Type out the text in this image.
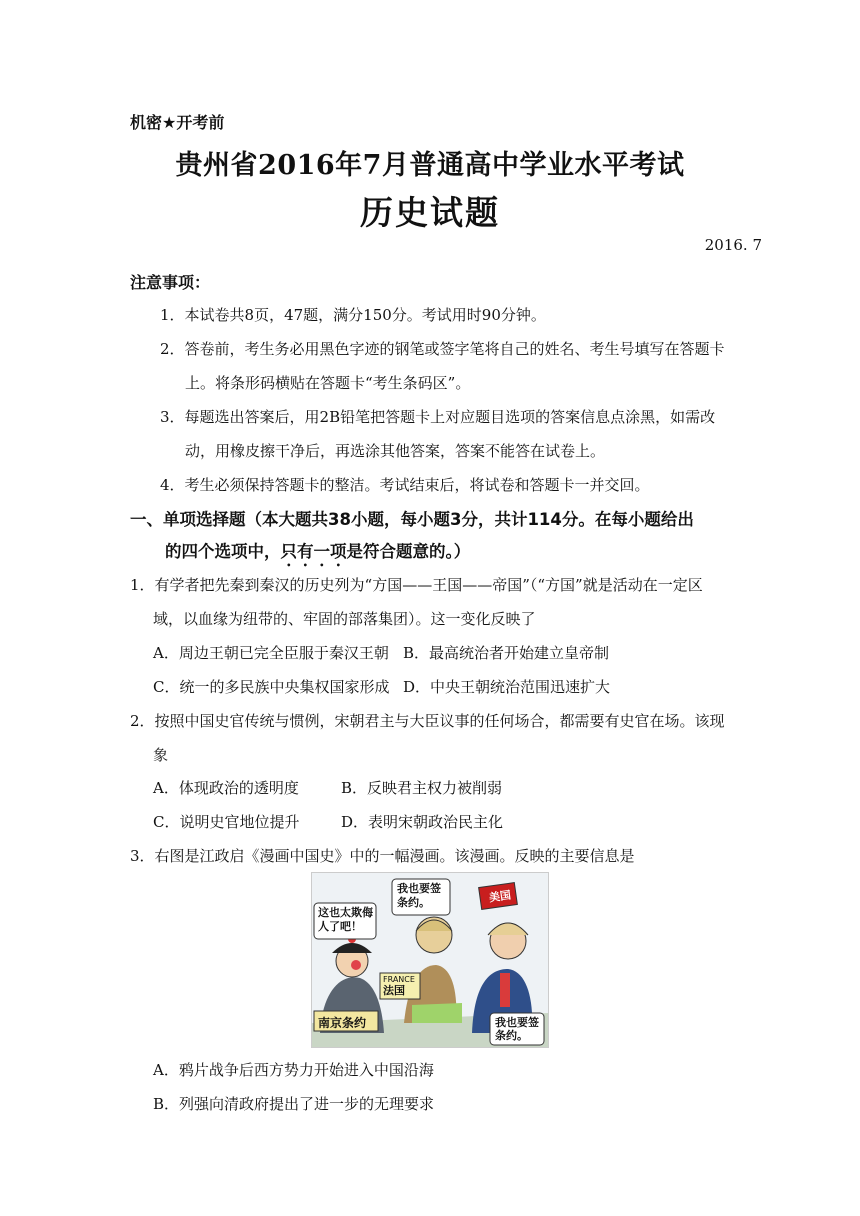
机密★开考前
贵州省2016年7月普通高中学业水平考试
历史试题
2016. 7
注意事项：
1．本试卷共8页，47题，满分150分。考试用时90分钟。
2．答卷前，考生务必用黑色字迹的钢笔或签字笔将自己的姓名、考生号填写在答题卡
上。将条形码横贴在答题卡“考生条码区”。
3．每题选出答案后，用2B铅笔把答题卡上对应题目选项的答案信息点涂黑，如需改
动，用橡皮擦干净后，再选涂其他答案，答案不能答在试卷上。
4．考生必须保持答题卡的整洁。考试结束后，将试卷和答题卡一并交回。
一、单项选择题（本大题共38小题，每小题3分，共计114分。在每小题给出
的四个选项中，只有一项是符合题意的。）
1．有学者把先秦到秦汉的历史列为“方国——王国——帝国”（“方国”就是活动在一定区
域，以血缘为纽带的、牢固的部落集团）。这一变化反映了
A．周边王朝已完全臣服于秦汉王朝 B．最高统治者开始建立皇帝制
C．统一的多民族中央集权国家形成 D．中央王朝统治范围迅速扩大
2．按照中国史官传统与惯例，宋朝君主与大臣议事的任何场合，都需要有史官在场。该现
象
A．体现政治的透明度	B．反映君主权力被削弱
C．说明史官地位提升	D．表明宋朝政治民主化
3．右图是江政启《漫画中国史》中的一幅漫画。该漫画。反映的主要信息是
这也太欺侮
人了吧！
我也要签
条约。
我也要签
条约。
南京条约
FRANCE
法国
美国
A．鸦片战争后西方势力开始进入中国沿海
B．列强向清政府提出了进一步的无理要求
